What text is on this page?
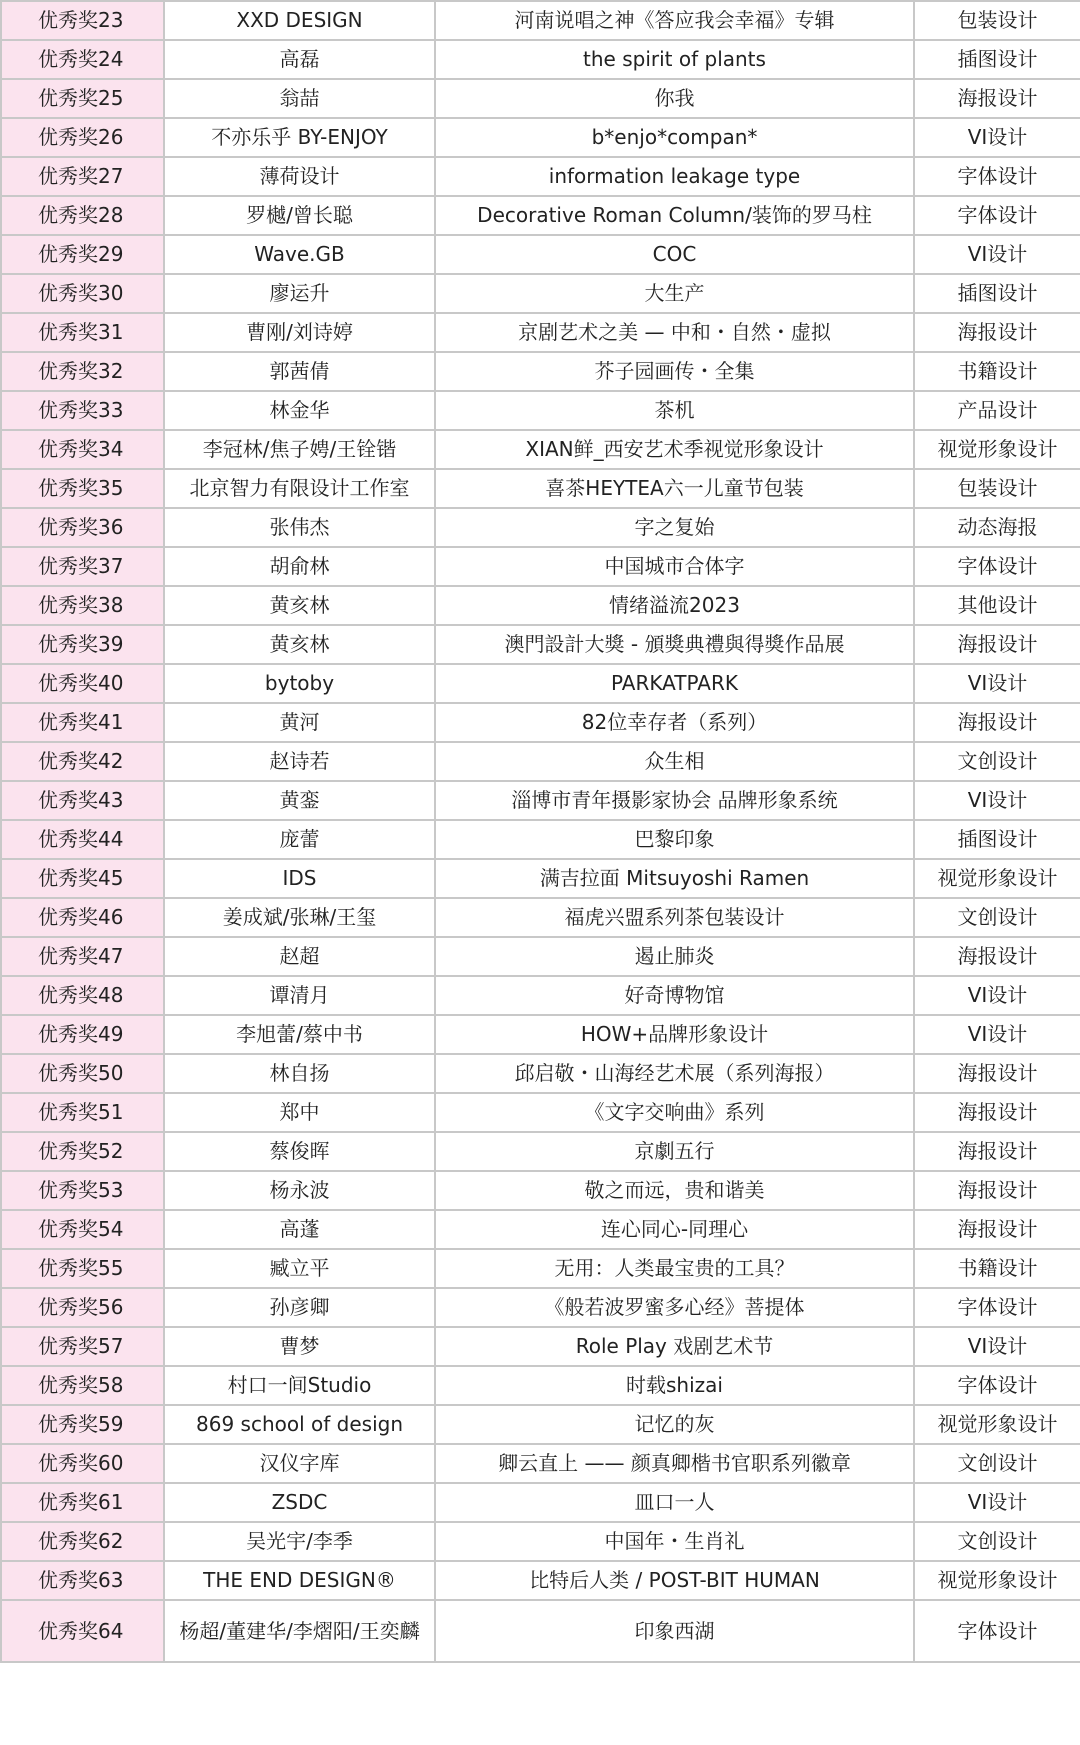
优秀奖23	XXD DESIGN	河南说唱之神《答应我会幸福》专辑	包装设计
优秀奖24	高磊	the spirit of plants	插图设计
优秀奖25	翁喆	你我	海报设计
优秀奖26	不亦乐乎 BY-ENJOY	b*enjo*compan*	VI设计
优秀奖27	薄荷设计	information leakage type	字体设计
优秀奖28	罗樾/曾长聪	Decorative Roman Column/装饰的罗马柱	字体设计
优秀奖29	Wave.GB	COC	VI设计
优秀奖30	廖运升	大生产	插图设计
优秀奖31	曹刚/刘诗婷	京剧艺术之美 — 中和・自然・虚拟	海报设计
优秀奖32	郭茜倩	芥子园画传・全集	书籍设计
优秀奖33	林金华	茶机	产品设计
优秀奖34	李冠林/焦子娉/王铨锴	XIAN鲜_西安艺术季视觉形象设计	视觉形象设计
优秀奖35	北京智力有限设计工作室	喜茶HEYTEA六一儿童节包装	包装设计
优秀奖36	张伟杰	字之复始	动态海报
优秀奖37	胡俞林	中国城市合体字	字体设计
优秀奖38	黄亥林	情绪溢流2023	其他设计
优秀奖39	黄亥林	澳門設計大獎 - 頒獎典禮與得獎作品展	海报设计
优秀奖40	bytoby	PARKATPARK	VI设计
优秀奖41	黄河	82位幸存者（系列）	海报设计
优秀奖42	赵诗若	众生相	文创设计
优秀奖43	黄銮	淄博市青年摄影家协会 品牌形象系统	VI设计
优秀奖44	庞蕾	巴黎印象	插图设计
优秀奖45	IDS	满吉拉面 Mitsuyoshi Ramen	视觉形象设计
优秀奖46	姜成斌/张琳/王玺	福虎兴盟系列茶包装设计	文创设计
优秀奖47	赵超	遏止肺炎	海报设计
优秀奖48	谭清月	好奇博物馆	VI设计
优秀奖49	李旭蕾/蔡中书	HOW+品牌形象设计	VI设计
优秀奖50	林自扬	邱启敬・山海经艺术展（系列海报）	海报设计
优秀奖51	郑中	《文字交响曲》系列	海报设计
优秀奖52	蔡俊晖	京劇五行	海报设计
优秀奖53	杨永波	敬之而远，贵和谐美	海报设计
优秀奖54	高蓬	连心同心-同理心	海报设计
优秀奖55	臧立平	无用：人类最宝贵的工具？	书籍设计
优秀奖56	孙彦卿	《般若波罗蜜多心经》菩提体	字体设计
优秀奖57	曹梦	Role Play 戏剧艺术节	VI设计
优秀奖58	村口一间Studio	时载shizai	字体设计
优秀奖59	869 school of design	记忆的灰	视觉形象设计
优秀奖60	汉仪字库	卿云直上 —— 颜真卿楷书官职系列徽章	文创设计
优秀奖61	ZSDC	皿口一人	VI设计
优秀奖62	吴光宇/李季	中国年・生肖礼	文创设计
优秀奖63	THE END DESIGN®	比特后人类 / POST-BIT HUMAN	视觉形象设计
优秀奖64	杨超/董建华/李熠阳/王奕麟	印象西湖	字体设计
